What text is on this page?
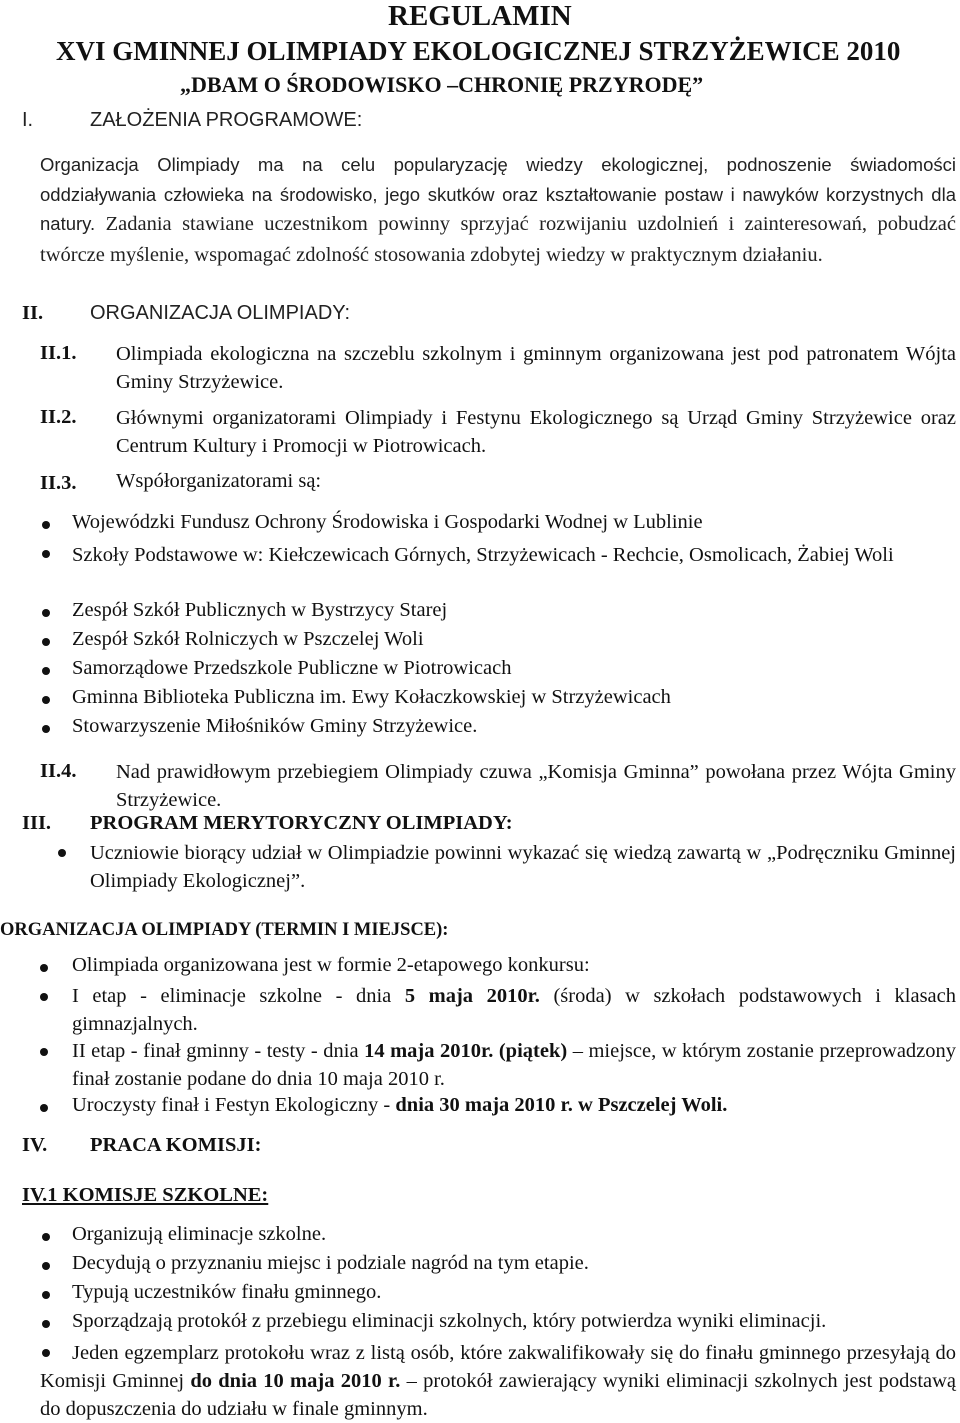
REGULAMIN
XVI GMINNEJ OLIMPIADY EKOLOGICZNEJ STRZYŻEWICE 2010
„DBAM O ŚRODOWISKO –CHRONIĘ PRZYRODĘ”
I.	ZAŁOŻENIA PROGRAMOWE:
Organizacja Olimpiady ma na celu popularyzację wiedzy ekologicznej, podnoszenie świadomości oddziaływania człowieka na środowisko, jego skutków oraz kształtowanie postaw i nawyków korzystnych dla natury. Zadania stawiane uczestnikom powinny sprzyjać rozwijaniu uzdolnień i zainteresowań, pobudzać twórcze myślenie, wspomagać zdolność stosowania zdobytej wiedzy w praktycznym działaniu.
II. ORGANIZACJA OLIMPIADY:
II.1. Olimpiada ekologiczna na szczeblu szkolnym i gminnym organizowana jest pod patronatem Wójta Gminy Strzyżewice.
II.2. Głównymi organizatorami Olimpiady i Festynu Ekologicznego są Urząd Gminy Strzyżewice oraz Centrum Kultury i Promocji w Piotrowicach.
II.3. Współorganizatorami są:
Wojewódzki Fundusz Ochrony Środowiska i Gospodarki Wodnej w Lublinie
Szkoły Podstawowe w: Kiełczewicach Górnych, Strzyżewicach - Rechcie, Osmolicach, Żabiej Woli
Zespół Szkół Publicznych w Bystrzycy Starej
Zespół Szkół Rolniczych w Pszczelej Woli
Samorządowe Przedszkole Publiczne w Piotrowicach
Gminna Biblioteka Publiczna im. Ewy Kołaczkowskiej w Strzyżewicach
Stowarzyszenie Miłośników Gminy Strzyżewice.
II.4. Nad prawidłowym przebiegiem Olimpiady czuwa „Komisja Gminna” powołana przez Wójta Gminy Strzyżewice.
III. PROGRAM MERYTORYCZNY OLIMPIADY:
Uczniowie biorący udział w Olimpiadzie powinni wykazać się wiedzą zawartą w „Podręczniku Gminnej Olimpiady Ekologicznej”.
ORGANIZACJA OLIMPIADY (TERMIN I MIEJSCE):
Olimpiada organizowana jest w formie 2-etapowego konkursu:
I etap - eliminacje szkolne - dnia 5 maja 2010r. (środa) w szkołach podstawowych i klasach gimnazjalnych.
II etap - finał gminny - testy - dnia 14 maja 2010r. (piątek) – miejsce, w którym zostanie przeprowadzony finał zostanie podane do dnia 10 maja 2010 r.
Uroczysty finał i Festyn Ekologiczny - dnia 30 maja 2010 r. w Pszczelej Woli.
IV. PRACA KOMISJI:
IV.1 KOMISJE SZKOLNE:
Organizują eliminacje szkolne.
Decydują o przyznaniu miejsc i podziale nagród na tym etapie.
Typują uczestników finału gminnego.
Sporządzają protokół z przebiegu eliminacji szkolnych, który potwierdza wyniki eliminacji.
Jeden egzemplarz protokołu wraz z listą osób, które zakwalifikowały się do finału gminnego przesyłają do Komisji Gminnej do dnia 10 maja 2010 r. – protokół zawierający wyniki eliminacji szkolnych jest podstawą do dopuszczenia do udziału w finale gminnym.
